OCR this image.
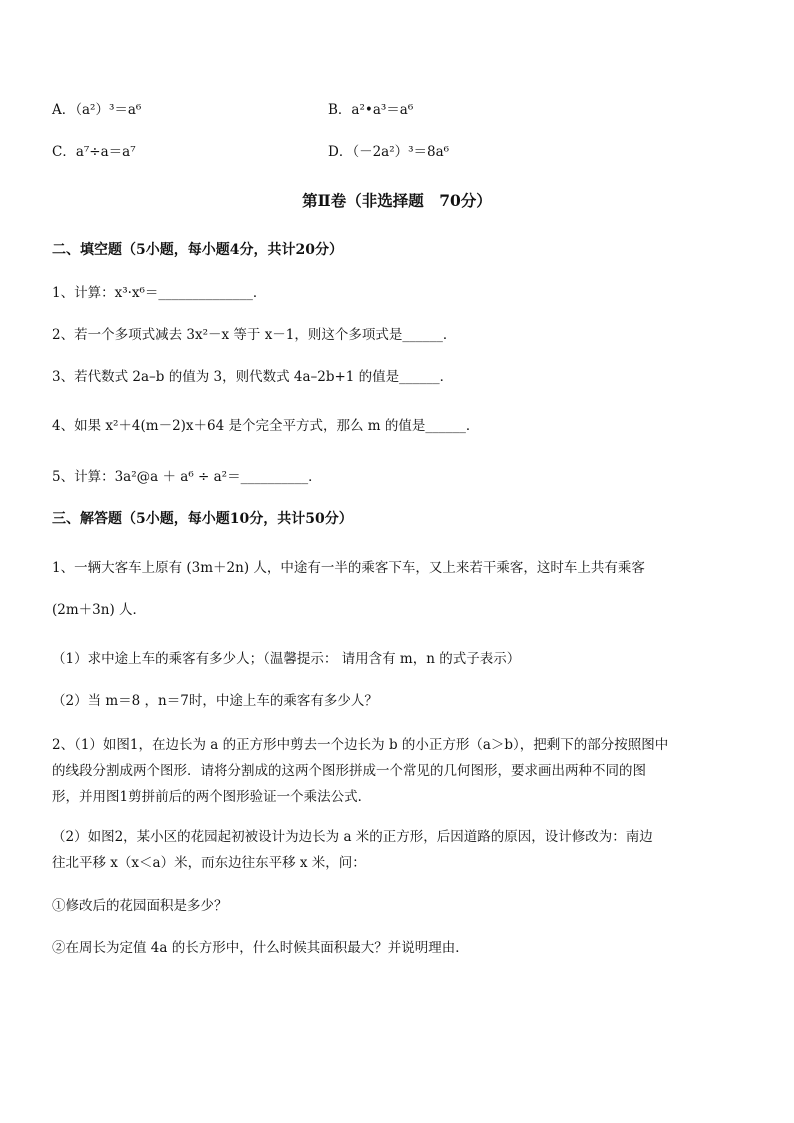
A．（a²）³＝a⁶	B．a²•a³＝a⁶
C．a⁷÷a＝a⁷	D．（－2a²）³＝8a⁶
第Ⅱ卷（非选择题　70分）
二、填空题（5小题，每小题4分，共计20分）
1、计算：x³·x⁶＝______________．
2、若一个多项式减去 3x²－x 等于 x－1，则这个多项式是______．
3、若代数式 2a–b 的值为 3，则代数式 4a–2b+1 的值是______．
4、如果 x²＋4(m－2)x＋64 是个完全平方式，那么 m 的值是______．
5、计算：3a²@a ＋ a⁶ ÷ a²＝__________．
三、解答题（5小题，每小题10分，共计50分）
1、一辆大客车上原有 (3m＋2n) 人，中途有一半的乘客下车，又上来若干乘客，这时车上共有乘客
(2m＋3n) 人．
（1）求中途上车的乘客有多少人；（温馨提示： 请用含有 m，n 的式子表示）
（2）当 m＝8 ，n＝7时，中途上车的乘客有多少人？
2、（1）如图1，在边长为 a 的正方形中剪去一个边长为 b 的小正方形（a＞b），把剩下的部分按照图中
的线段分割成两个图形．请将分割成的这两个图形拼成一个常见的几何图形，要求画出两种不同的图
形，并用图1剪拼前后的两个图形验证一个乘法公式．
（2）如图2，某小区的花园起初被设计为边长为 a 米的正方形，后因道路的原因，设计修改为：南边
往北平移 x（x＜a）米，而东边往东平移 x 米，问：
①修改后的花园面积是多少？
②在周长为定值 4a 的长方形中，什么时候其面积最大？并说明理由．
